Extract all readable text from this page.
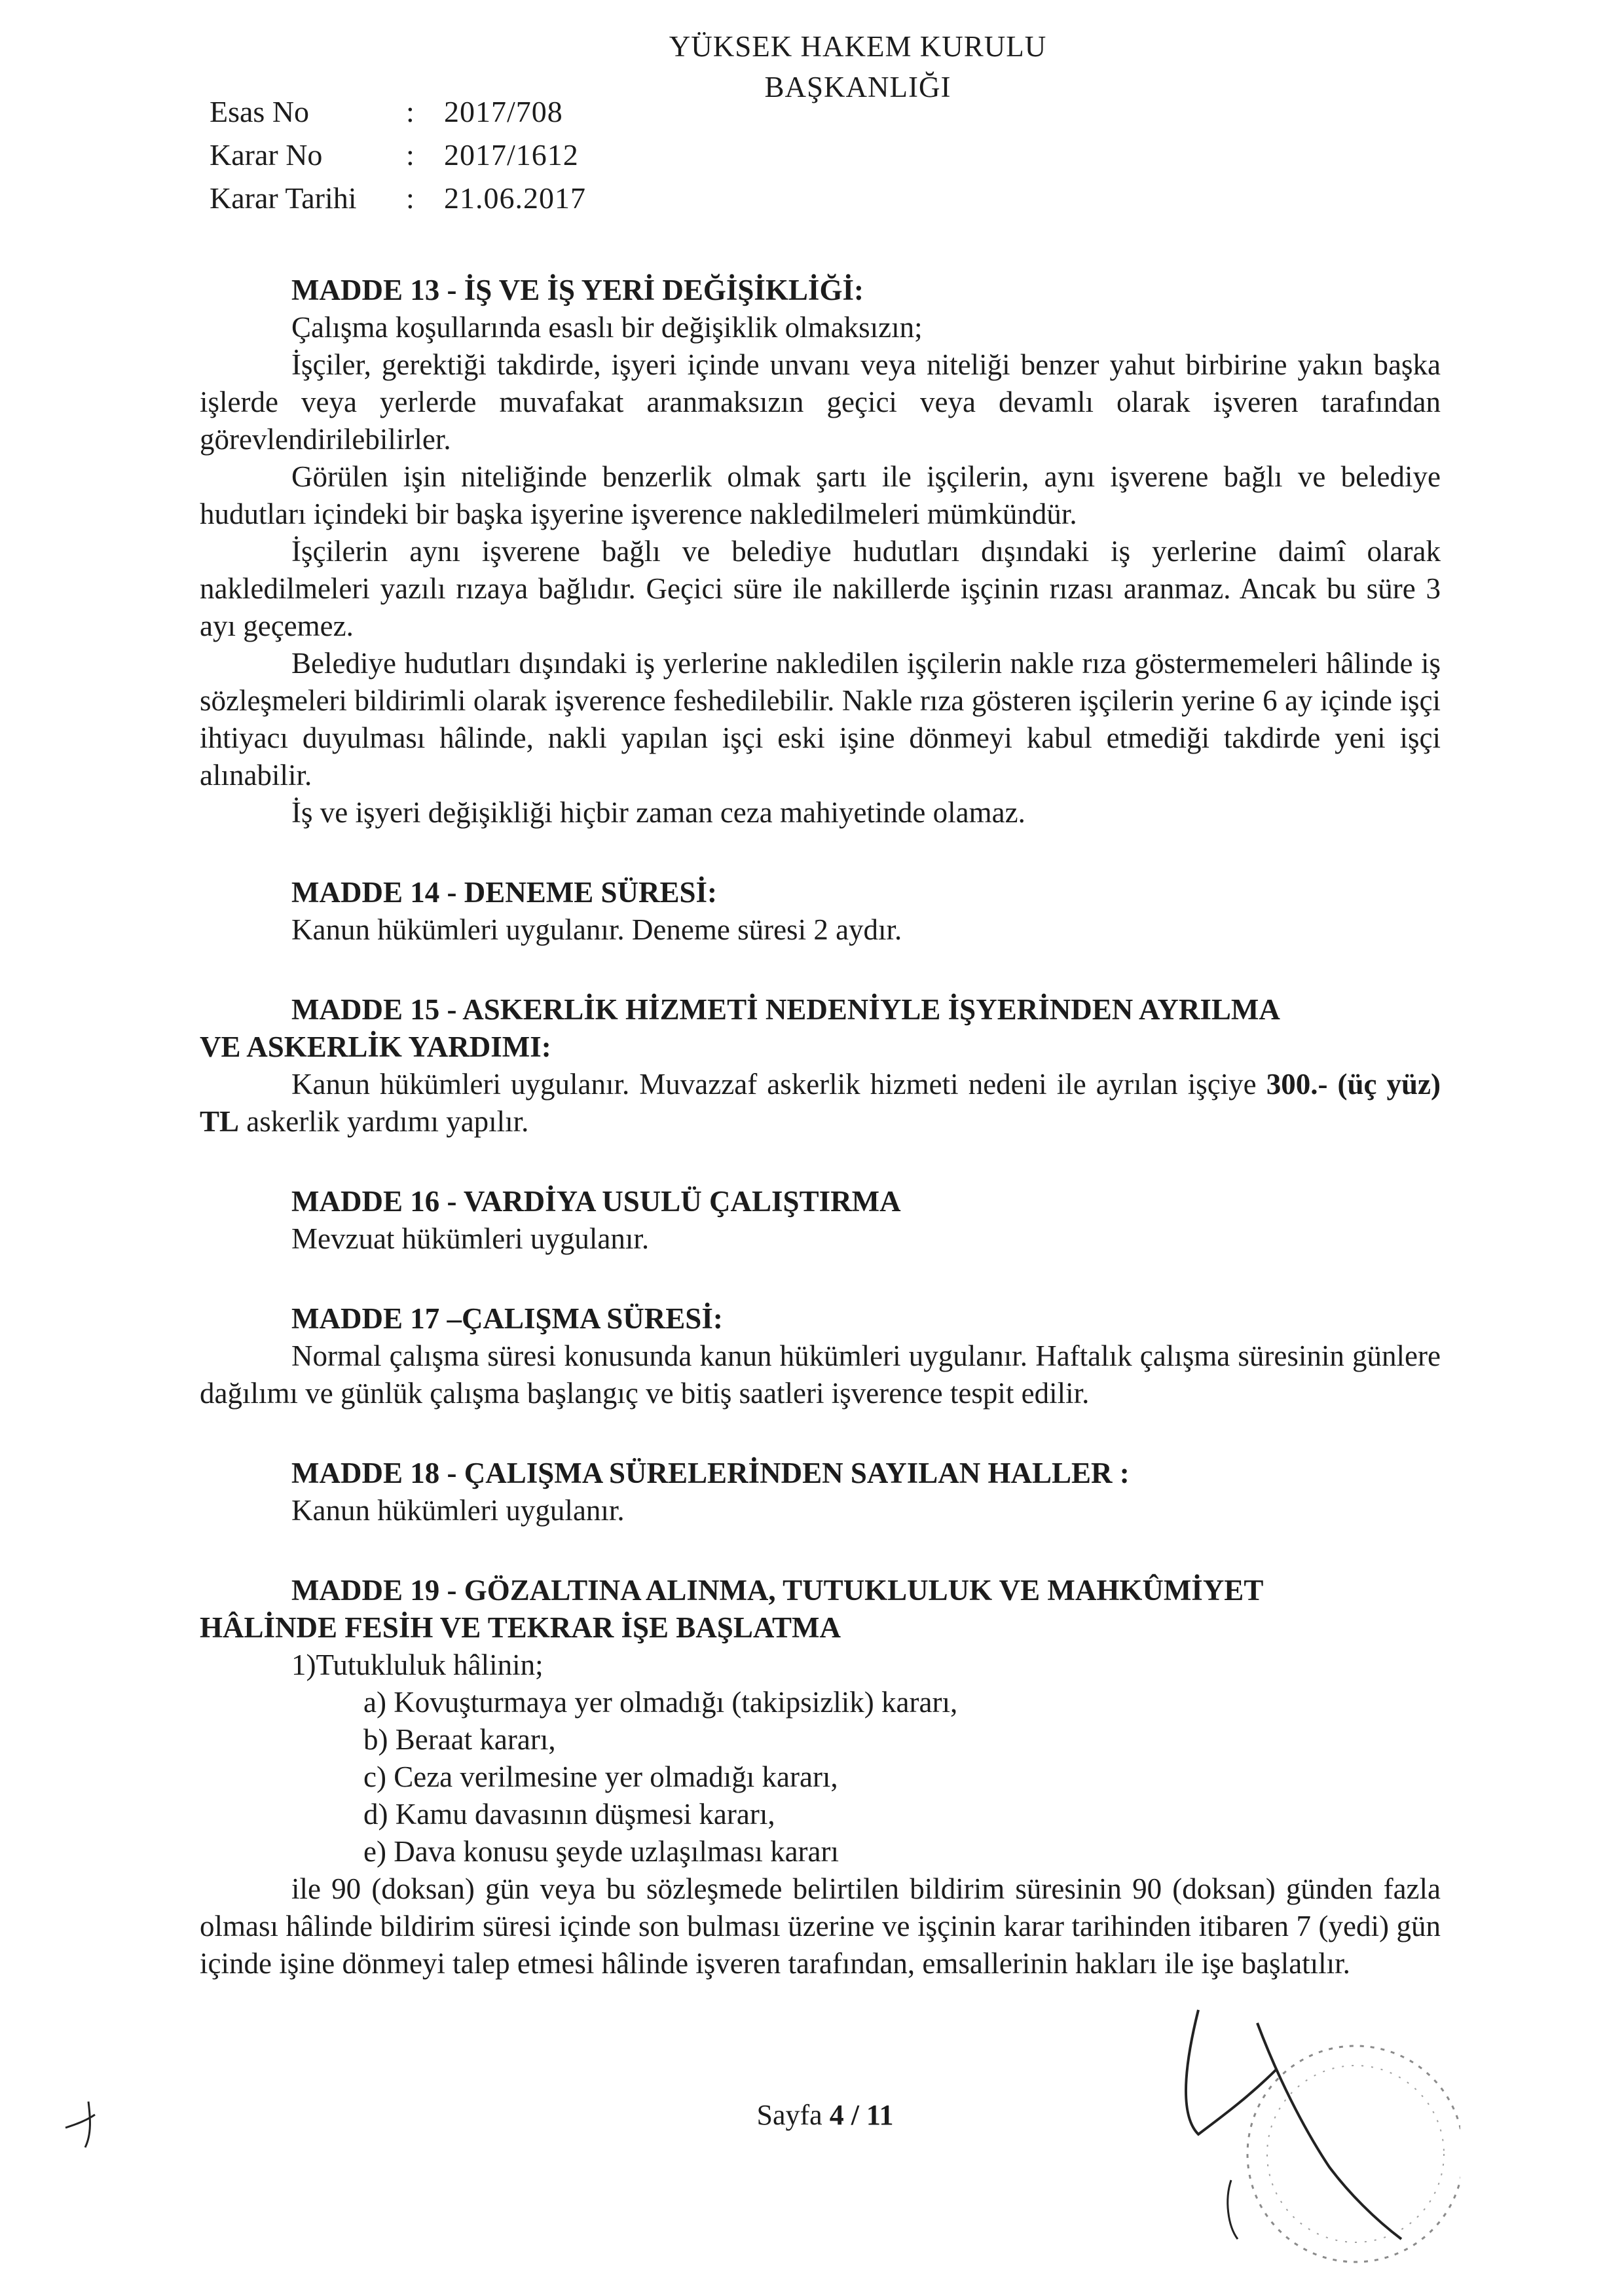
YÜKSEK HAKEM KURULU
BAŞKANLIĞI
Esas No	: 2017/708
Karar No	: 2017/1612
Karar Tarihi	: 21.06.2017

MADDE 13 - İŞ VE İŞ YERİ DEĞİŞİKLİĞİ:

Çalışma koşullarında esaslı bir değişiklik olmaksızın;

İşçiler, gerektiği takdirde, işyeri içinde unvanı veya niteliği benzer yahut birbirine yakın başka işlerde veya yerlerde muvafakat aranmaksızın geçici veya devamlı olarak işveren tarafından görevlendirilebilirler.

Görülen işin niteliğinde benzerlik olmak şartı ile işçilerin, aynı işverene bağlı ve belediye hudutları içindeki bir başka işyerine işverence nakledilmeleri mümkündür.

İşçilerin aynı işverene bağlı ve belediye hudutları dışındaki iş yerlerine daimî olarak nakledilmeleri yazılı rızaya bağlıdır. Geçici süre ile nakillerde işçinin rızası aranmaz. Ancak bu süre 3 ayı geçemez.

Belediye hudutları dışındaki iş yerlerine nakledilen işçilerin nakle rıza göstermemeleri hâlinde iş sözleşmeleri bildirimli olarak işverence feshedilebilir. Nakle rıza gösteren işçilerin yerine 6 ay içinde işçi ihtiyacı duyulması hâlinde, nakli yapılan işçi eski işine dönmeyi kabul etmediği takdirde yeni işçi alınabilir.

İş ve işyeri değişikliği hiçbir zaman ceza mahiyetinde olamaz.

MADDE 14 - DENEME SÜRESİ:

Kanun hükümleri uygulanır. Deneme süresi 2 aydır.

MADDE 15 - ASKERLİK HİZMETİ NEDENİYLE İŞYERİNDEN AYRILMA

VE ASKERLİK YARDIMI:

Kanun hükümleri uygulanır. Muvazzaf askerlik hizmeti nedeni ile ayrılan işçiye 300.- (üç yüz) TL askerlik yardımı yapılır.

MADDE 16 - VARDİYA USULÜ ÇALIŞTIRMA

Mevzuat hükümleri uygulanır.

MADDE 17 –ÇALIŞMA SÜRESİ:

Normal çalışma süresi konusunda kanun hükümleri uygulanır. Haftalık çalışma süresinin günlere dağılımı ve günlük çalışma başlangıç ve bitiş saatleri işverence tespit edilir.

MADDE 18 - ÇALIŞMA SÜRELERİNDEN SAYILAN HALLER :

Kanun hükümleri uygulanır.

MADDE 19 - GÖZALTINA ALINMA, TUTUKLULUK VE MAHKÛMİYET

HÂLİNDE FESİH VE TEKRAR İŞE BAŞLATMA

1)Tutukluluk hâlinin;

a) Kovuşturmaya yer olmadığı (takipsizlik) kararı,

b) Beraat kararı,

c) Ceza verilmesine yer olmadığı kararı,

d) Kamu davasının düşmesi kararı,

e) Dava konusu şeyde uzlaşılması kararı

ile 90 (doksan) gün veya bu sözleşmede belirtilen bildirim süresinin 90 (doksan) günden fazla olması hâlinde bildirim süresi içinde son bulması üzerine ve işçinin karar tarihinden itibaren 7 (yedi) gün içinde işine dönmeyi talep etmesi hâlinde işveren tarafından, emsallerinin hakları ile işe başlatılır.

Sayfa 4 / 11
